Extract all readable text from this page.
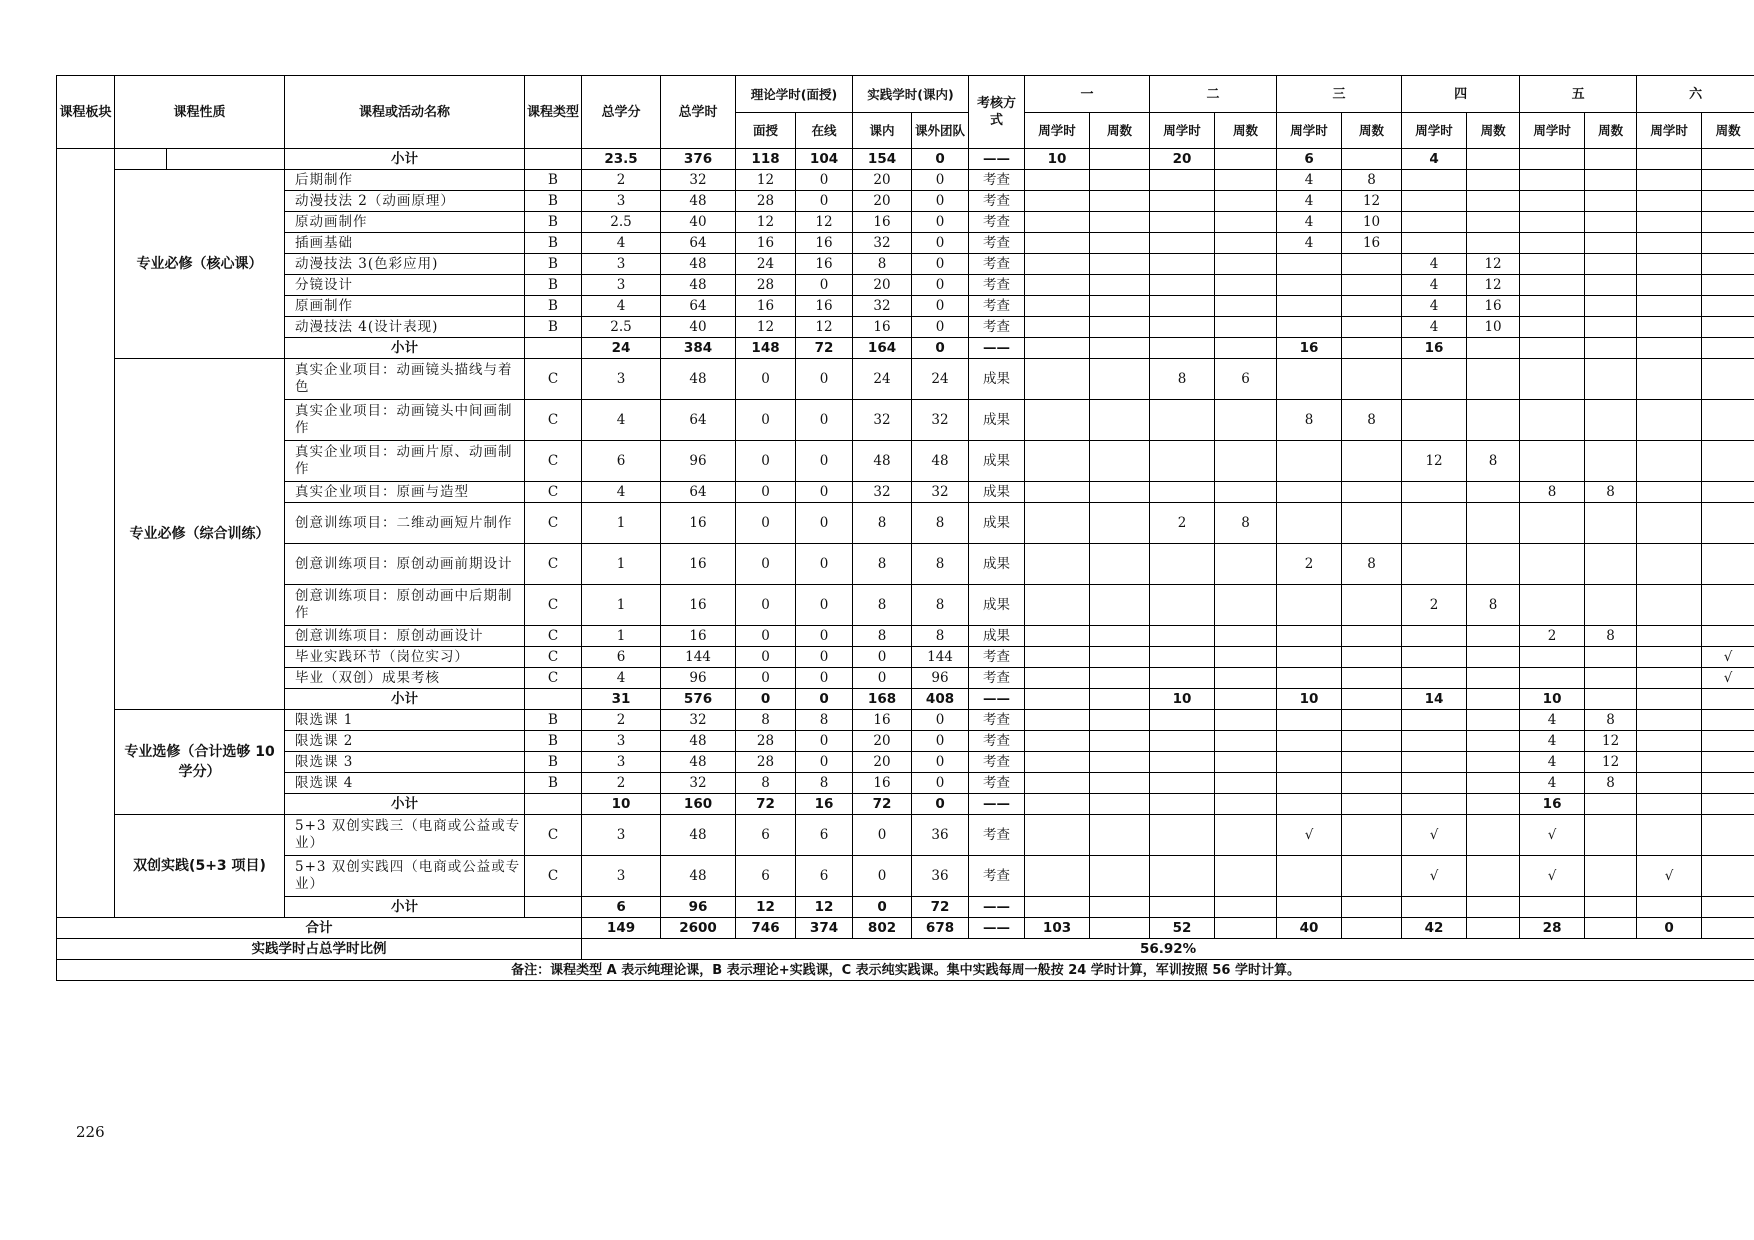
课程板块	课程性质		课程或活动名称	课程类型	总学分	总学时	理论学时(面授)		实践学时(课内)		考核方式	一		二		三		四		五		六	
							面授	在线	课内	课外团队		周学时	周数	周学时	周数	周学时	周数	周学时	周数	周学时	周数	周学时	周数
			小计		23.5	376	118	104	154	0	——	10		20		6		4					
	专业必修（核心课）		后期制作	B	2	32	12	0	20	0	考查					4	8						
			动漫技法 2（动画原理）	B	3	48	28	0	20	0	考查					4	12						
			原动画制作	B	2.5	40	12	12	16	0	考查					4	10						
			插画基础	B	4	64	16	16	32	0	考查					4	16						
			动漫技法 3(色彩应用)	B	3	48	24	16	8	0	考查							4	12				
			分镜设计	B	3	48	28	0	20	0	考查							4	12				
			原画制作	B	4	64	16	16	32	0	考查							4	16				
			动漫技法 4(设计表现)	B	2.5	40	12	12	16	0	考查							4	10				
			小计		24	384	148	72	164	0	——					16		16					
	专业必修（综合训练）		真实企业项目：动画镜头描线与着色	C	3	48	0	0	24	24	成果			8	6								
			真实企业项目：动画镜头中间画制作	C	4	64	0	0	32	32	成果					8	8						
			真实企业项目：动画片原、动画制作	C	6	96	0	0	48	48	成果							12	8				
			真实企业项目：原画与造型	C	4	64	0	0	32	32	成果									8	8		
			创意训练项目：二维动画短片制作	C	1	16	0	0	8	8	成果			2	8								
			创意训练项目：原创动画前期设计	C	1	16	0	0	8	8	成果					2	8						
			创意训练项目：原创动画中后期制作	C	1	16	0	0	8	8	成果							2	8				
			创意训练项目：原创动画设计	C	1	16	0	0	8	8	成果									2	8		
			毕业实践环节（岗位实习）	C	6	144	0	0	0	144	考查												√
			毕业（双创）成果考核	C	4	96	0	0	0	96	考查												√
			小计		31	576	0	0	168	408	——			10		10		14		10			
	专业选修（合计选够 10 学分）		限选课 1	B	2	32	8	8	16	0	考查									4	8		
			限选课 2	B	3	48	28	0	20	0	考查									4	12		
			限选课 3	B	3	48	28	0	20	0	考查									4	12		
			限选课 4	B	2	32	8	8	16	0	考查									4	8		
			小计		10	160	72	16	72	0	——									16			
	双创实践(5+3 项目)		5+3 双创实践三（电商或公益或专业）	C	3	48	6	6	0	36	考查					√		√		√			
			5+3 双创实践四（电商或公益或专业）	C	3	48	6	6	0	36	考查							√		√		√	
			小计		6	96	12	12	0	72	——												
合计					149	2600	746	374	802	678	——	103		52		40		42		28		0	
实践学时占总学时比例					56.92%																		
备注：课程类型 A 表示纯理论课，B 表示理论+实践课，C 表示纯实践课。集中实践每周一般按 24 学时计算，军训按照 56 学时计算。																							
226
